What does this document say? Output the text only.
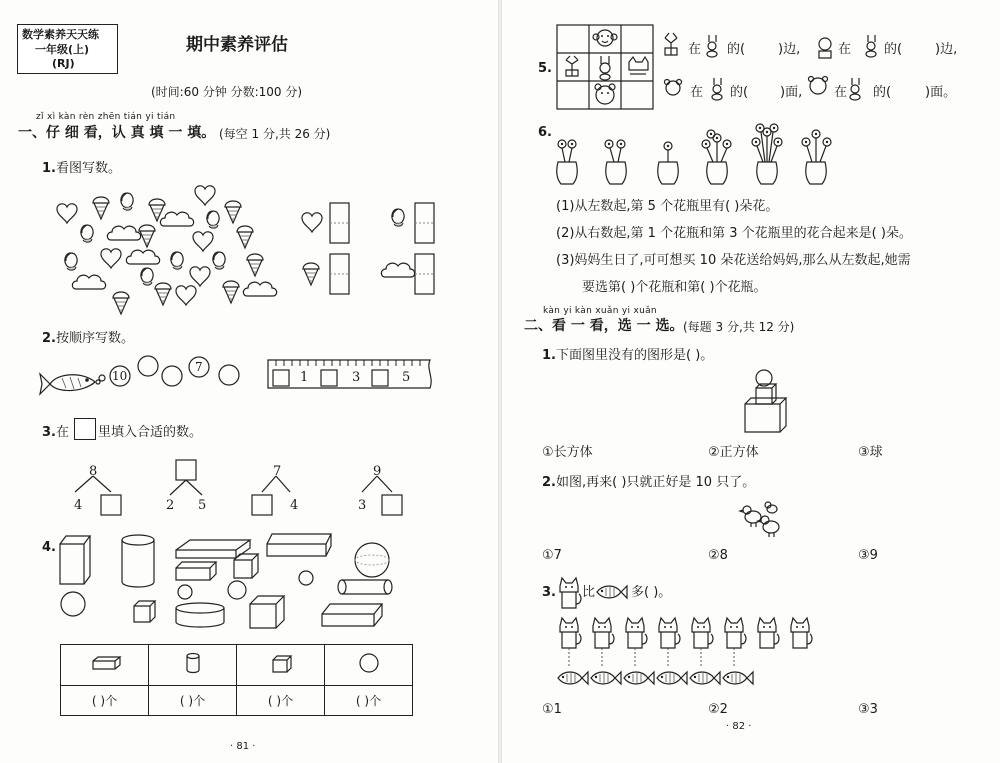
数学素养天天练
一年级(上)
(RJ)
期中素养评估
(时间:60 分钟 分数:100 分)
zǐ xì kàn rèn zhēn tián yi tián
一、仔 细 看，认 真 填 一 填。 (每空 1 分,共 26 分)
1. 看图写数。
2. 按顺序写数。
10
7
1	3	5
3. 在 里填入合适的数。
8
4	2 5
7
4
9
3
4.

( )个	( )个	( )个	( )个
· 81 ·
5.
在 的(	)边,	在	的(	)边,
在 的( )面, 在 的(	)面。
6.
(1)从左数起,第 5 个花瓶里有( )朵花。
(2)从右数起,第 1 个花瓶和第 3 个花瓶里的花合起来是( )朵。
(3)妈妈生日了,可可想买 10 朵花送给妈妈,那么从左数起,她需
要选第( )个花瓶和第( )个花瓶。
kàn yi kàn xuǎn yi xuǎn
二、看 一 看，选 一 选。 (每题 3 分,共 12 分)
1. 下面图里没有的图形是( )。
①长方体	②正方体	③球
2. 如图,再来( )只就正好是 10 只了。
①7	②8	③9
3. 比	多( )。
①1	②2	③3
· 82 ·
